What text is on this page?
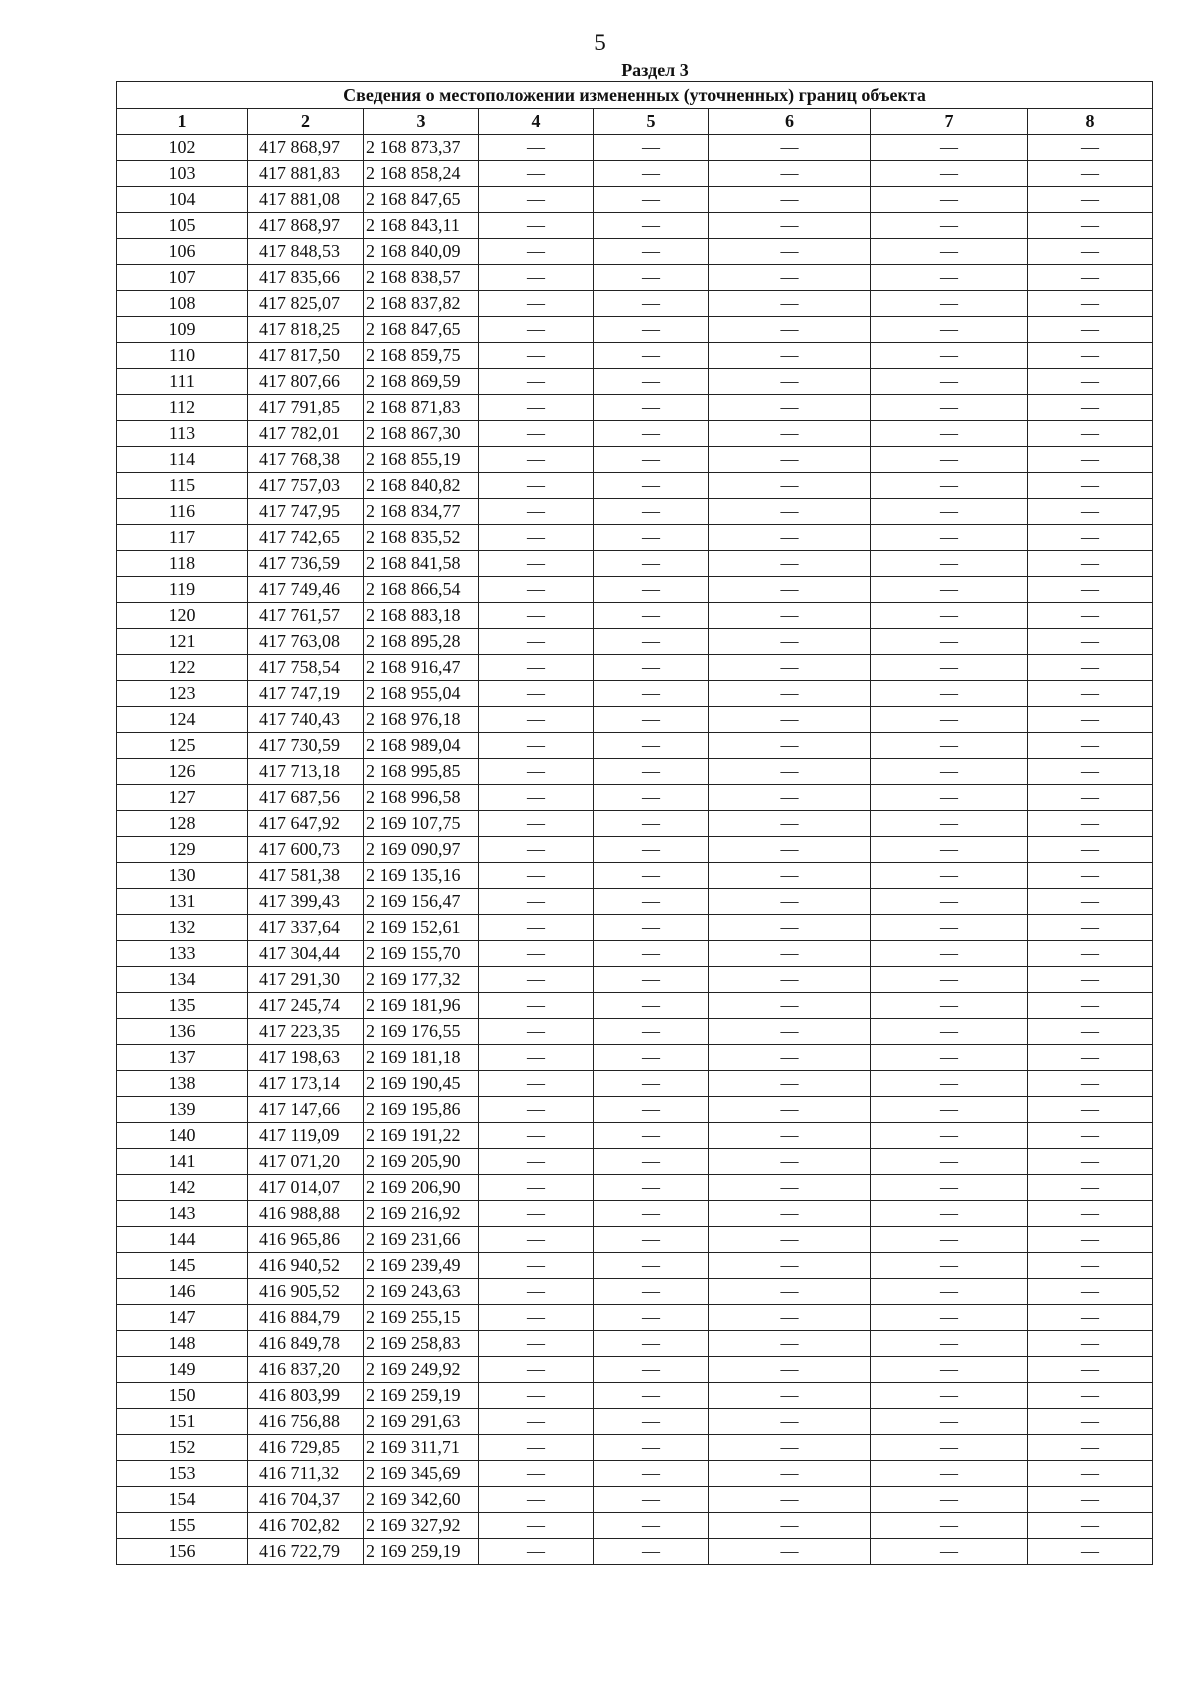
5
Раздел 3
Сведения о местоположении измененных (уточненных) границ объекта							
1	2	3	4	5	6	7	8
102	417 868,97	2 168 873,37	—	—	—	—	—
103	417 881,83	2 168 858,24	—	—	—	—	—
104	417 881,08	2 168 847,65	—	—	—	—	—
105	417 868,97	2 168 843,11	—	—	—	—	—
106	417 848,53	2 168 840,09	—	—	—	—	—
107	417 835,66	2 168 838,57	—	—	—	—	—
108	417 825,07	2 168 837,82	—	—	—	—	—
109	417 818,25	2 168 847,65	—	—	—	—	—
110	417 817,50	2 168 859,75	—	—	—	—	—
111	417 807,66	2 168 869,59	—	—	—	—	—
112	417 791,85	2 168 871,83	—	—	—	—	—
113	417 782,01	2 168 867,30	—	—	—	—	—
114	417 768,38	2 168 855,19	—	—	—	—	—
115	417 757,03	2 168 840,82	—	—	—	—	—
116	417 747,95	2 168 834,77	—	—	—	—	—
117	417 742,65	2 168 835,52	—	—	—	—	—
118	417 736,59	2 168 841,58	—	—	—	—	—
119	417 749,46	2 168 866,54	—	—	—	—	—
120	417 761,57	2 168 883,18	—	—	—	—	—
121	417 763,08	2 168 895,28	—	—	—	—	—
122	417 758,54	2 168 916,47	—	—	—	—	—
123	417 747,19	2 168 955,04	—	—	—	—	—
124	417 740,43	2 168 976,18	—	—	—	—	—
125	417 730,59	2 168 989,04	—	—	—	—	—
126	417 713,18	2 168 995,85	—	—	—	—	—
127	417 687,56	2 168 996,58	—	—	—	—	—
128	417 647,92	2 169 107,75	—	—	—	—	—
129	417 600,73	2 169 090,97	—	—	—	—	—
130	417 581,38	2 169 135,16	—	—	—	—	—
131	417 399,43	2 169 156,47	—	—	—	—	—
132	417 337,64	2 169 152,61	—	—	—	—	—
133	417 304,44	2 169 155,70	—	—	—	—	—
134	417 291,30	2 169 177,32	—	—	—	—	—
135	417 245,74	2 169 181,96	—	—	—	—	—
136	417 223,35	2 169 176,55	—	—	—	—	—
137	417 198,63	2 169 181,18	—	—	—	—	—
138	417 173,14	2 169 190,45	—	—	—	—	—
139	417 147,66	2 169 195,86	—	—	—	—	—
140	417 119,09	2 169 191,22	—	—	—	—	—
141	417 071,20	2 169 205,90	—	—	—	—	—
142	417 014,07	2 169 206,90	—	—	—	—	—
143	416 988,88	2 169 216,92	—	—	—	—	—
144	416 965,86	2 169 231,66	—	—	—	—	—
145	416 940,52	2 169 239,49	—	—	—	—	—
146	416 905,52	2 169 243,63	—	—	—	—	—
147	416 884,79	2 169 255,15	—	—	—	—	—
148	416 849,78	2 169 258,83	—	—	—	—	—
149	416 837,20	2 169 249,92	—	—	—	—	—
150	416 803,99	2 169 259,19	—	—	—	—	—
151	416 756,88	2 169 291,63	—	—	—	—	—
152	416 729,85	2 169 311,71	—	—	—	—	—
153	416 711,32	2 169 345,69	—	—	—	—	—
154	416 704,37	2 169 342,60	—	—	—	—	—
155	416 702,82	2 169 327,92	—	—	—	—	—
156	416 722,79	2 169 259,19	—	—	—	—	—
